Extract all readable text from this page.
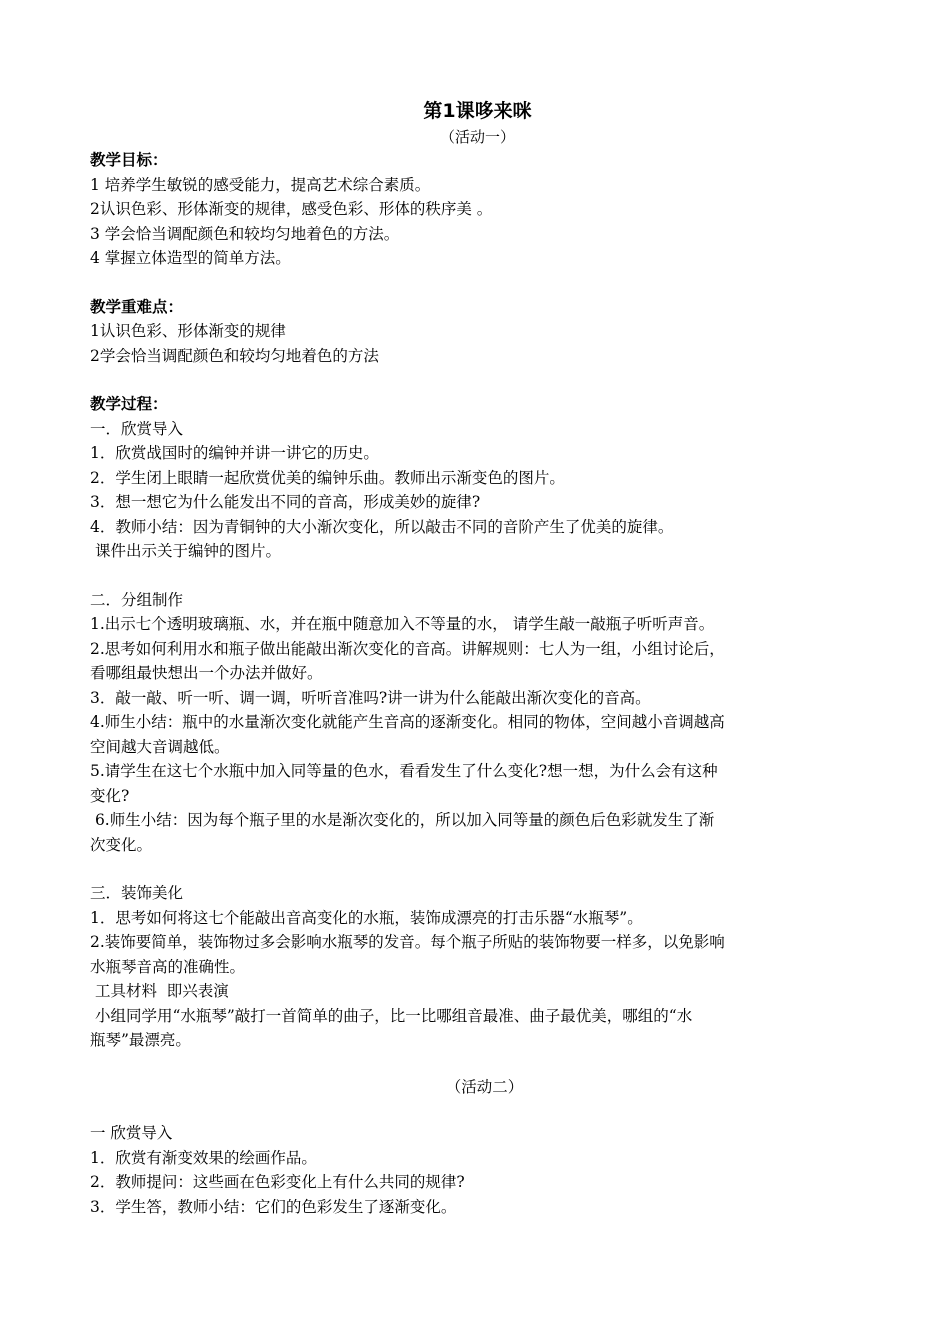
第1课哆来咪
（活动一）
教学目标：
1 培养学生敏锐的感受能力，提高艺术综合素质。
2认识色彩、形体渐变的规律，感受色彩、形体的秩序美 。
3 学会恰当调配颜色和较均匀地着色的方法。
4 掌握立体造型的简单方法。
教学重难点：
1认识色彩、形体渐变的规律
2学会恰当调配颜色和较均匀地着色的方法
教学过程：
一．欣赏导入
1．欣赏战国时的编钟并讲一讲它的历史。
2．学生闭上眼睛一起欣赏优美的编钟乐曲。教师出示渐变色的图片。
3．想一想它为什么能发出不同的音高，形成美妙的旋律?
4．教师小结：因为青铜钟的大小渐次变化，所以敲击不同的音阶产生了优美的旋律。
课件出示关于编钟的图片。
二．分组制作
1.出示七个透明玻璃瓶、水，并在瓶中随意加入不等量的水， 请学生敲一敲瓶子听听声音。
2.思考如何利用水和瓶子做出能敲出渐次变化的音高。讲解规则：七人为一组，小组讨论后，
看哪组最快想出一个办法并做好。
3．敲一敲、听一听、调一调，听听音准吗?讲一讲为什么能敲出渐次变化的音高。
4.师生小结：瓶中的水量渐次变化就能产生音高的逐渐变化。相同的物体，空间越小音调越高
空间越大音调越低。
5.请学生在这七个水瓶中加入同等量的色水，看看发生了什么变化?想一想，为什么会有这种
变化?
6.师生小结：因为每个瓶子里的水是渐次变化的，所以加入同等量的颜色后色彩就发生了渐
次变化。
三．装饰美化
1．思考如何将这七个能敲出音高变化的水瓶，装饰成漂亮的打击乐器“水瓶琴”。
2.装饰要简单，装饰物过多会影响水瓶琴的发音。每个瓶子所贴的装饰物要一样多，以免影响
水瓶琴音高的准确性。
工具材料  即兴表演
小组同学用“水瓶琴”敲打一首简单的曲子，比一比哪组音最准、曲子最优美，哪组的“水
瓶琴”最漂亮。
（活动二）
一 欣赏导入
1．欣赏有渐变效果的绘画作品。
2．教师提问：这些画在色彩变化上有什么共同的规律?
3．学生答，教师小结：它们的色彩发生了逐渐变化。
